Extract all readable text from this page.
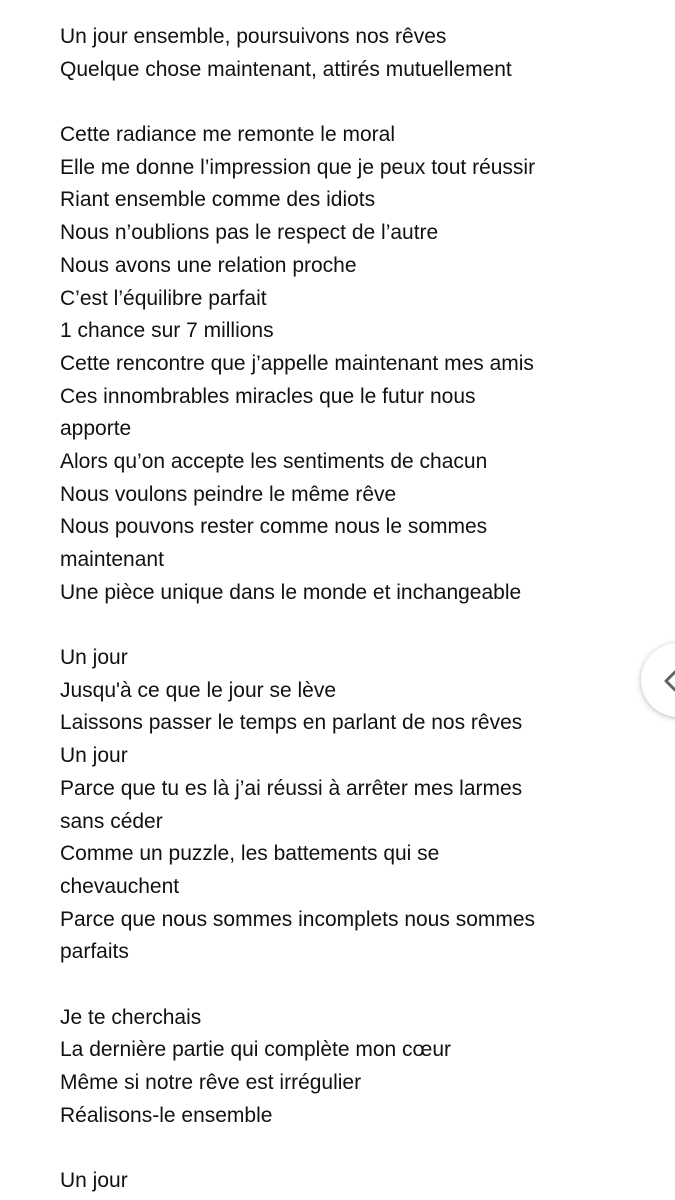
Un jour ensemble, poursuivons nos rêves
Quelque chose maintenant, attirés mutuellement
Cette radiance me remonte le moral
Elle me donne l’impression que je peux tout réussir
Riant ensemble comme des idiots
Nous n’oublions pas le respect de l’autre
Nous avons une relation proche
C’est l’équilibre parfait
1 chance sur 7 millions
Cette rencontre que j’appelle maintenant mes amis
Ces innombrables miracles que le futur nous
apporte
Alors qu’on accepte les sentiments de chacun
Nous voulons peindre le même rêve
Nous pouvons rester comme nous le sommes
maintenant
Une pièce unique dans le monde et inchangeable
Un jour
Jusqu'à ce que le jour se lève
Laissons passer le temps en parlant de nos rêves
Un jour
Parce que tu es là j’ai réussi à arrêter mes larmes
sans céder
Comme un puzzle, les battements qui se
chevauchent
Parce que nous sommes incomplets nous sommes
parfaits
Je te cherchais
La dernière partie qui complète mon cœur
Même si notre rêve est irrégulier
Réalisons-le ensemble
Un jour
